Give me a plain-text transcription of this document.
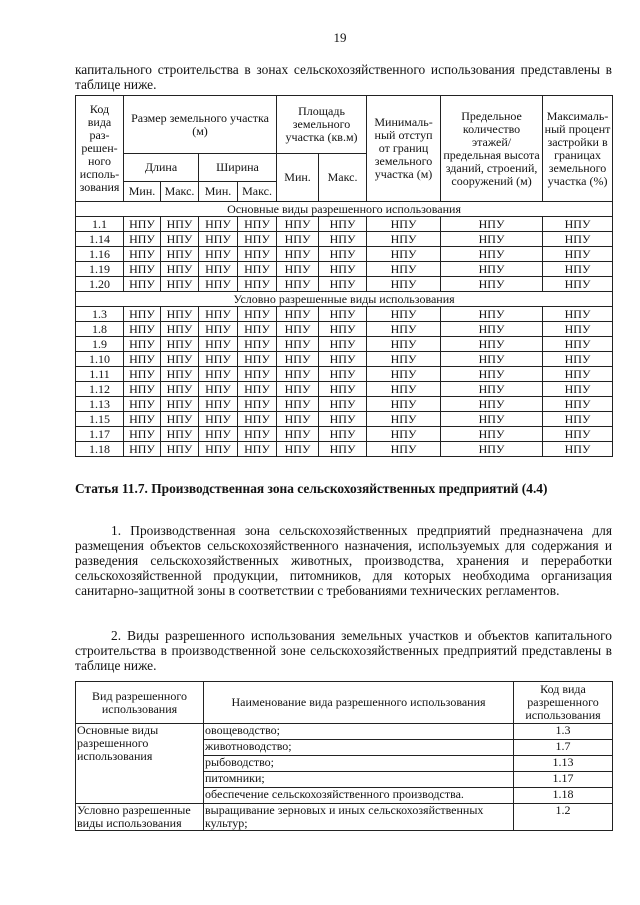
19
капитального строительства в зонах сельскохозяйственного использования представлены в таблице ниже.
Код вида раз-решен-ного исполь-зования	Размер земельного участка (м)				Площадь земельного участка (кв.м)		Минималь-ный отступ от границ земельного участка (м)	Предельное количество этажей/ предельная высота зданий, строений, сооружений (м)	Максималь-ный процент застройки в границах земельного участка (%)
	Длина		Ширина		Мин.	Макс.			
	Мин.	Макс.	Мин.	Макс.					
Основные виды разрешенного использования									
1.1	НПУ	НПУ	НПУ	НПУ	НПУ	НПУ	НПУ	НПУ	НПУ
1.14	НПУ	НПУ	НПУ	НПУ	НПУ	НПУ	НПУ	НПУ	НПУ
1.16	НПУ	НПУ	НПУ	НПУ	НПУ	НПУ	НПУ	НПУ	НПУ
1.19	НПУ	НПУ	НПУ	НПУ	НПУ	НПУ	НПУ	НПУ	НПУ
1.20	НПУ	НПУ	НПУ	НПУ	НПУ	НПУ	НПУ	НПУ	НПУ
Условно разрешенные виды использования									
1.3	НПУ	НПУ	НПУ	НПУ	НПУ	НПУ	НПУ	НПУ	НПУ
1.8	НПУ	НПУ	НПУ	НПУ	НПУ	НПУ	НПУ	НПУ	НПУ
1.9	НПУ	НПУ	НПУ	НПУ	НПУ	НПУ	НПУ	НПУ	НПУ
1.10	НПУ	НПУ	НПУ	НПУ	НПУ	НПУ	НПУ	НПУ	НПУ
1.11	НПУ	НПУ	НПУ	НПУ	НПУ	НПУ	НПУ	НПУ	НПУ
1.12	НПУ	НПУ	НПУ	НПУ	НПУ	НПУ	НПУ	НПУ	НПУ
1.13	НПУ	НПУ	НПУ	НПУ	НПУ	НПУ	НПУ	НПУ	НПУ
1.15	НПУ	НПУ	НПУ	НПУ	НПУ	НПУ	НПУ	НПУ	НПУ
1.17	НПУ	НПУ	НПУ	НПУ	НПУ	НПУ	НПУ	НПУ	НПУ
1.18	НПУ	НПУ	НПУ	НПУ	НПУ	НПУ	НПУ	НПУ	НПУ
Статья 11.7. Производственная зона сельскохозяйственных предприятий (4.4)
1. Производственная зона сельскохозяйственных предприятий предназначена для размещения объектов сельскохозяйственного назначения, используемых для содержания и разведения сельскохозяйственных животных, производства, хранения и переработки сельскохозяйственной продукции, питомников, для которых необходима организация санитарно-защитной зоны в соответствии с требованиями технических регламентов.
2. Виды разрешенного использования земельных участков и объектов капитального строительства в производственной зоне сельскохозяйственных предприятий представлены в таблице ниже.
Вид разрешенного использования	Наименование вида разрешенного использования	Код вида разрешенного использования
Основные виды разрешенного использования	овощеводство;	1.3
	животноводство;	1.7
	рыбоводство;	1.13
	питомники;	1.17
	обеспечение сельскохозяйственного производства.	1.18
Условно разрешенные виды использования	выращивание зерновых и иных сельскохозяйственных культур;	1.2
